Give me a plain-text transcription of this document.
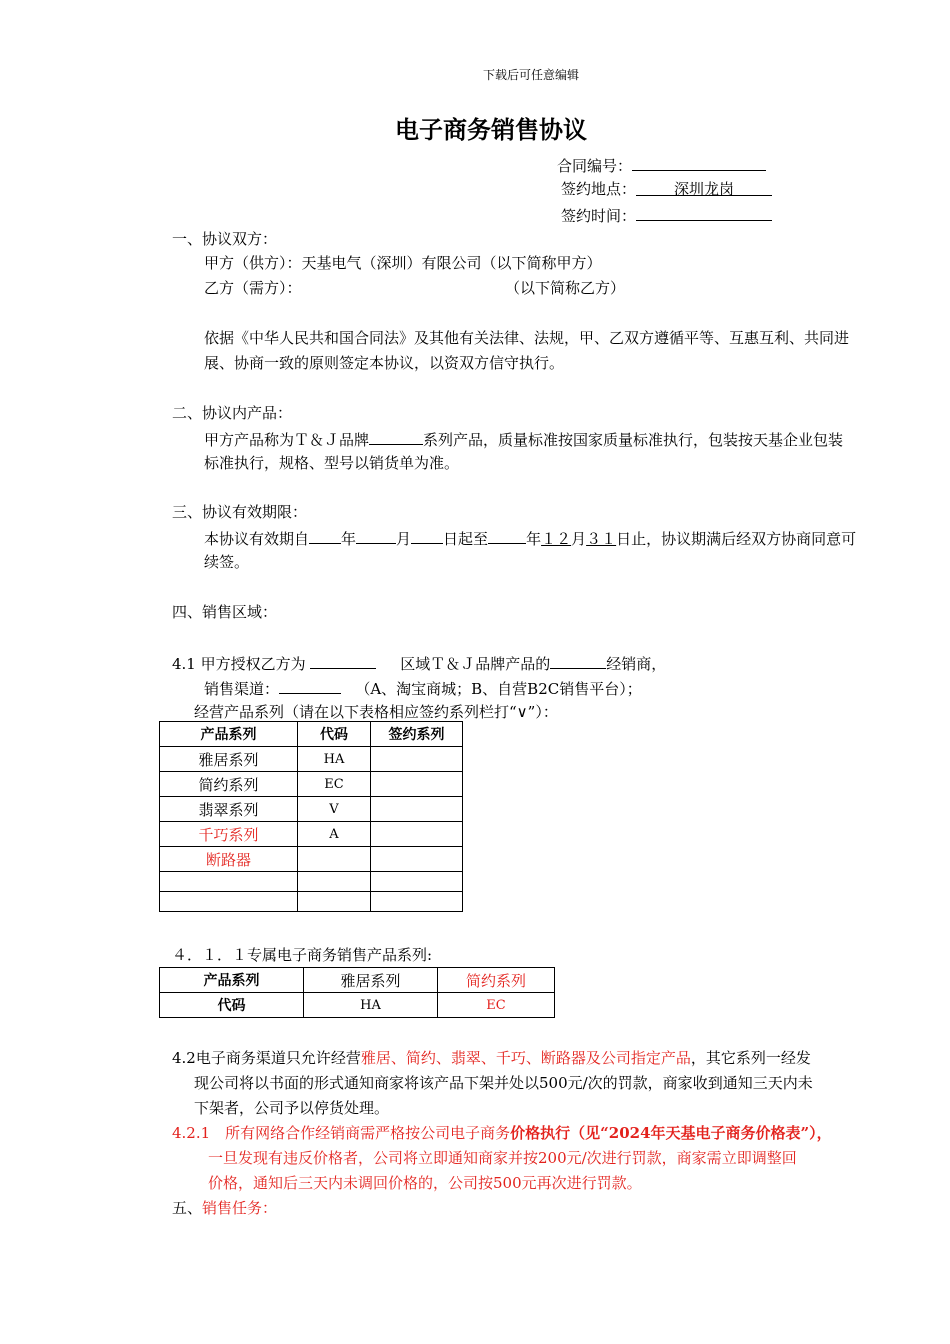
下载后可任意编辑
电子商务销售协议
合同编号：
签约地点：	深圳龙岗
签约时间：
一、协议双方：
甲方（供方）：天基电气（深圳）有限公司（以下简称甲方）
乙方（需方）：	（以下简称乙方）
依据《中华人民共和国合同法》及其他有关法律、法规，甲、乙双方遵循平等、互惠互利、共同进
展、协商一致的原则签定本协议，以资双方信守执行。
二、协议内产品：
甲方产品称为Ｔ＆Ｊ品牌	系列产品，质量标准按国家质量标准执行，包装按天基企业包装
标准执行，规格、型号以销货单为准。
三、协议有效期限：
本协议有效期自 年	月 日起至	年１２月３１日止，协议期满后经双方协商同意可
续签。
四、销售区域：
4.1 甲方授权乙方为	区域Ｔ＆Ｊ品牌产品的	经销商，
销售渠道：	（A、淘宝商城；B、自营B2C销售平台）；
经营产品系列（请在以下表格相应签约系列栏打“∨”）：
产品系列	代码	签约系列
雅居系列	HA	
简约系列	EC	
翡翠系列	V	
千巧系列	A	
断路器		

４．１．１专属电子商务销售产品系列:
产品系列	雅居系列	简约系列
代码	HA	EC
4.2电子商务渠道只允许经营雅居、简约、翡翠、千巧、断路器及公司指定产品，其它系列一经发
现公司将以书面的形式通知商家将该产品下架并处以500元/次的罚款，商家收到通知三天内未
下架者，公司予以停货处理。
4.2.1　所有网络合作经销商需严格按公司电子商务价格执行（见“2024年天基电子商务价格表”），
一旦发现有违反价格者，公司将立即通知商家并按200元/次进行罚款，商家需立即调整回
价格，通知后三天内未调回价格的，公司按500元再次进行罚款。
五、销售任务：
